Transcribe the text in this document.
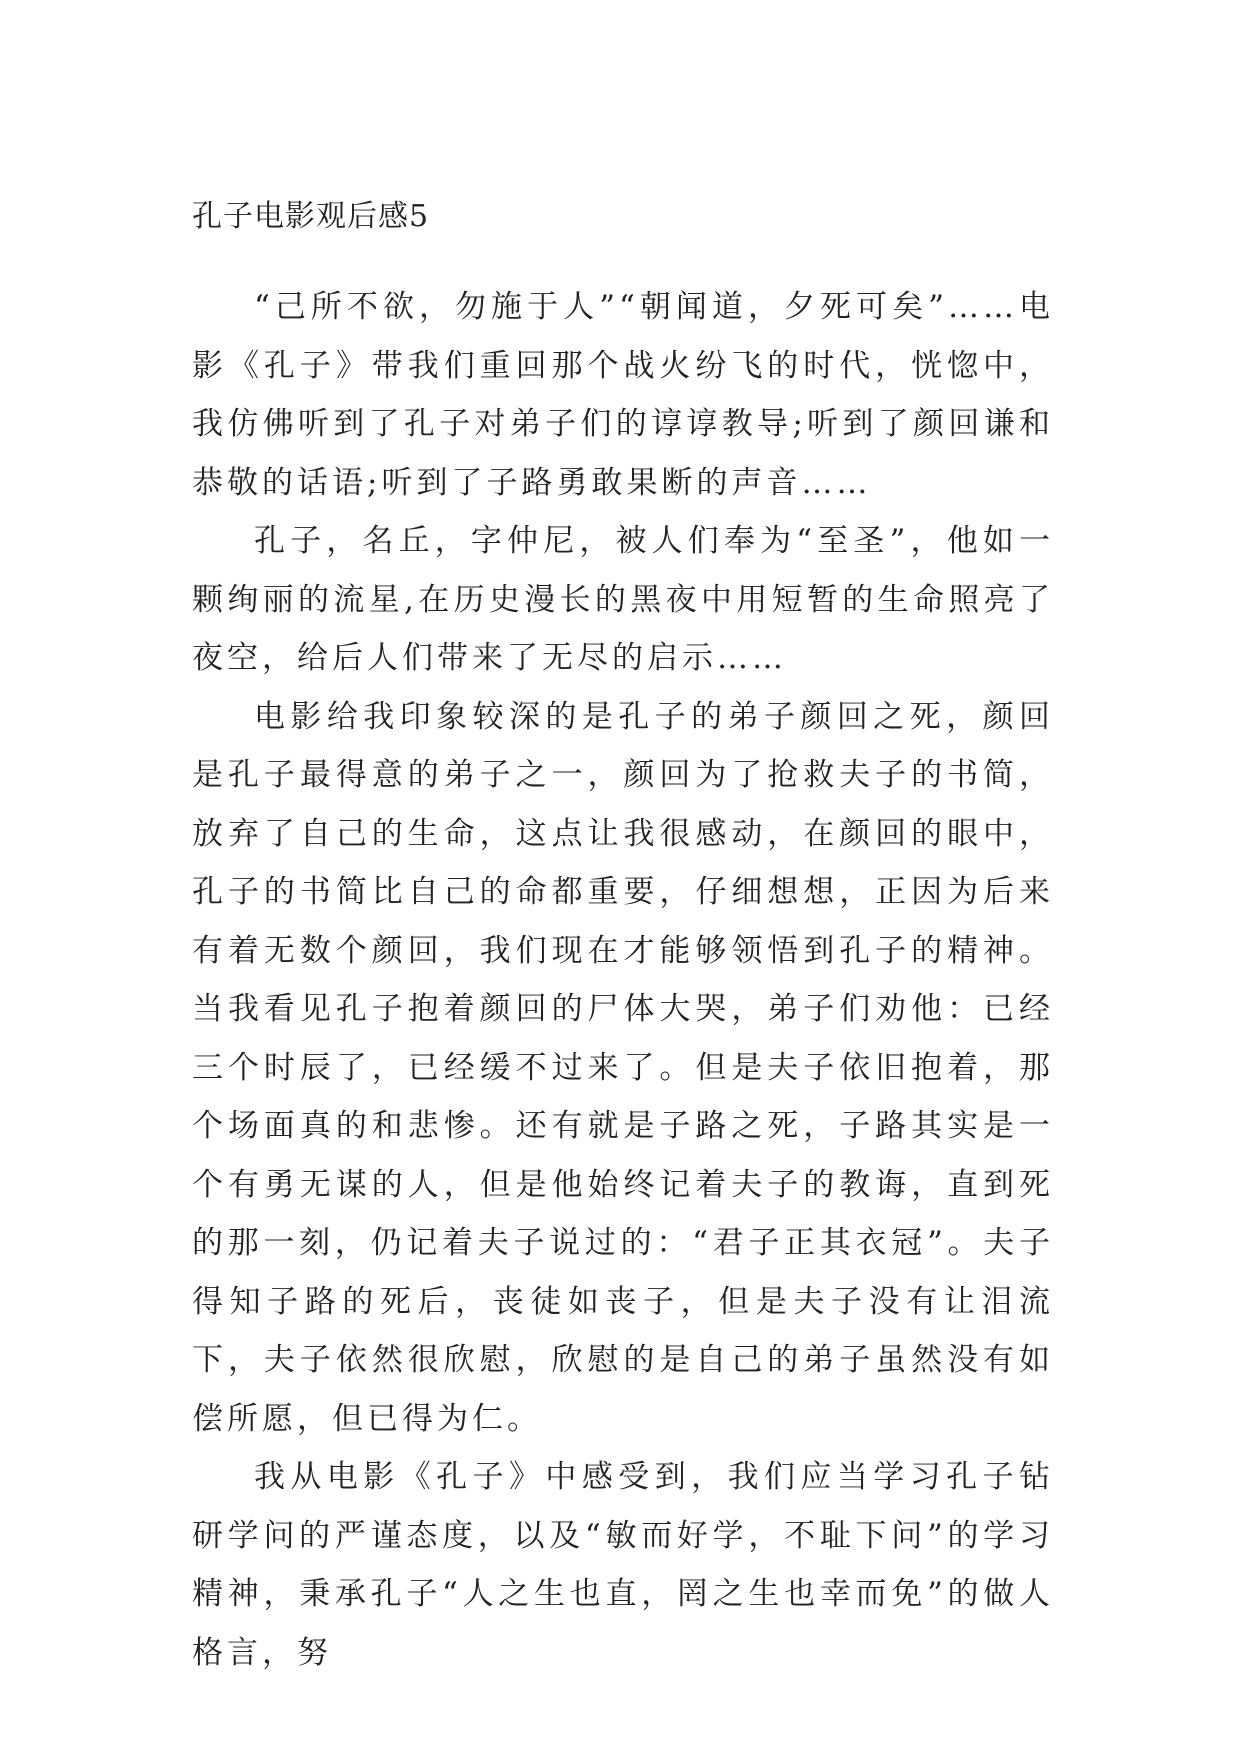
孔子电影观后感5

“己所不欲，勿施于人”“朝闻道，夕死可矣”……电影《孔子》带我们重回那个战火纷飞的时代，恍惚中，我仿佛听到了孔子对弟子们的谆谆教导;听到了颜回谦和恭敬的话语;听到了子路勇敢果断的声音……

孔子，名丘，字仲尼，被人们奉为“至圣”，他如一颗绚丽的流星,在历史漫长的黑夜中用短暂的生命照亮了夜空，给后人们带来了无尽的启示……

电影给我印象较深的是孔子的弟子颜回之死，颜回是孔子最得意的弟子之一，颜回为了抢救夫子的书简，放弃了自己的生命，这点让我很感动，在颜回的眼中，孔子的书简比自己的命都重要，仔细想想，正因为后来有着无数个颜回，我们现在才能够领悟到孔子的精神。当我看见孔子抱着颜回的尸体大哭，弟子们劝他：已经三个时辰了，已经缓不过来了。但是夫子依旧抱着，那个场面真的和悲惨。还有就是子路之死，子路其实是一个有勇无谋的人，但是他始终记着夫子的教诲，直到死的那一刻，仍记着夫子说过的：“君子正其衣冠”。夫子得知子路的死后，丧徒如丧子，但是夫子没有让泪流下，夫子依然很欣慰，欣慰的是自己的弟子虽然没有如偿所愿，但已得为仁。

我从电影《孔子》中感受到，我们应当学习孔子钻研学问的严谨态度，以及“敏而好学，不耻下问”的学习精神，秉承孔子“人之生也直，罔之生也幸而免”的做人格言，努
